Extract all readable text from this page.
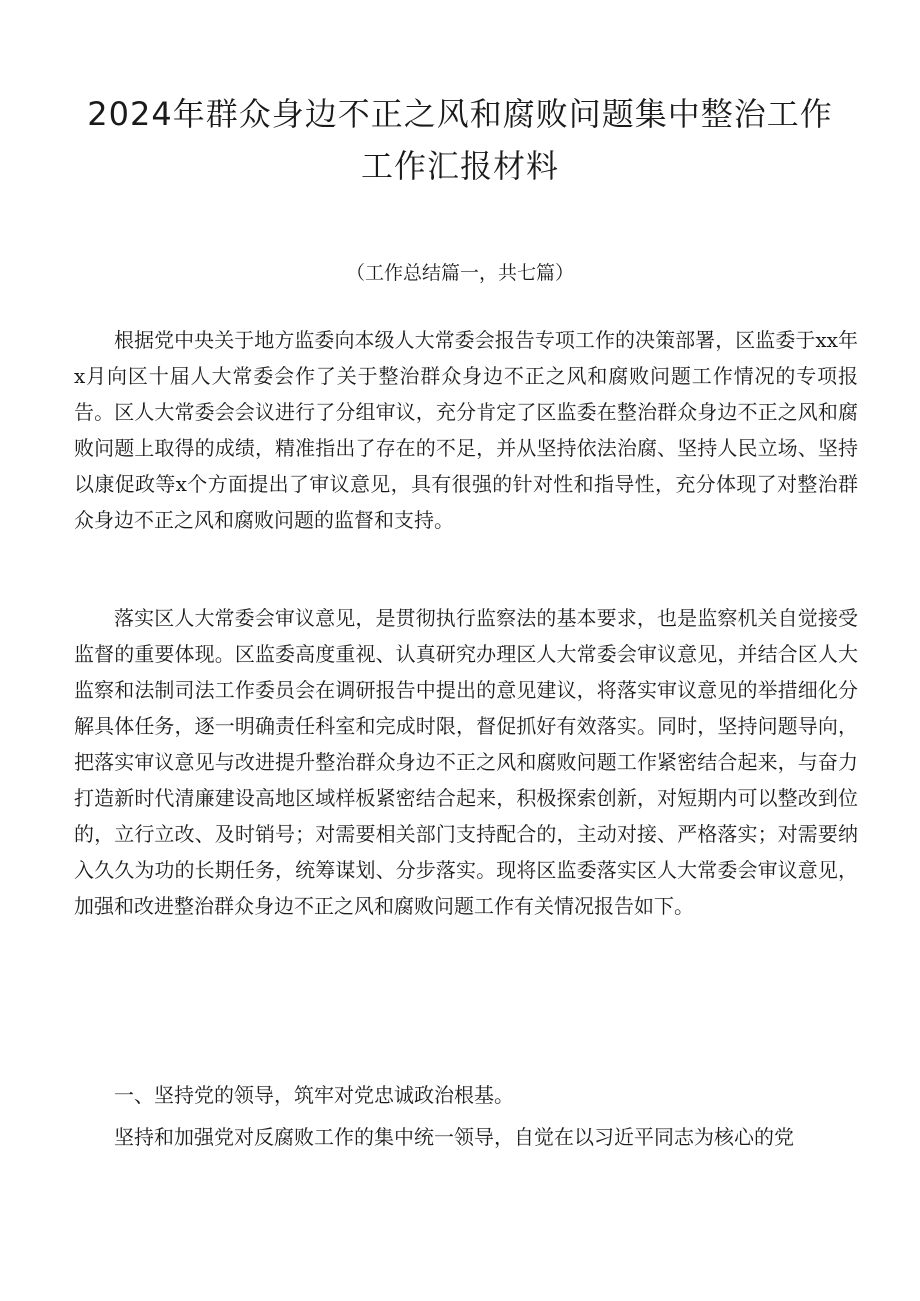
2024年群众身边不正之风和腐败问题集中整治工作
工作汇报材料

（工作总结篇一，共七篇）

根据党中央关于地方监委向本级人大常委会报告专项工作的决策部署，区监委于xx年x月向区十届人大常委会作了关于整治群众身边不正之风和腐败问题工作情况的专项报告。区人大常委会会议进行了分组审议，充分肯定了区监委在整治群众身边不正之风和腐败问题上取得的成绩，精准指出了存在的不足，并从坚持依法治腐、坚持人民立场、坚持以康促政等x个方面提出了审议意见，具有很强的针对性和指导性，充分体现了对整治群众身边不正之风和腐败问题的监督和支持。

落实区人大常委会审议意见，是贯彻执行监察法的基本要求，也是监察机关自觉接受监督的重要体现。区监委高度重视、认真研究办理区人大常委会审议意见，并结合区人大监察和法制司法工作委员会在调研报告中提出的意见建议，将落实审议意见的举措细化分解具体任务，逐一明确责任科室和完成时限，督促抓好有效落实。同时，坚持问题导向，把落实审议意见与改进提升整治群众身边不正之风和腐败问题工作紧密结合起来，与奋力打造新时代清廉建设高地区域样板紧密结合起来，积极探索创新，对短期内可以整改到位的，立行立改、及时销号；对需要相关部门支持配合的，主动对接、严格落实；对需要纳入久久为功的长期任务，统筹谋划、分步落实。现将区监委落实区人大常委会审议意见，加强和改进整治群众身边不正之风和腐败问题工作有关情况报告如下。

一、坚持党的领导，筑牢对党忠诚政治根基。

坚持和加强党对反腐败工作的集中统一领导，自觉在以习近平同志为核心的党
